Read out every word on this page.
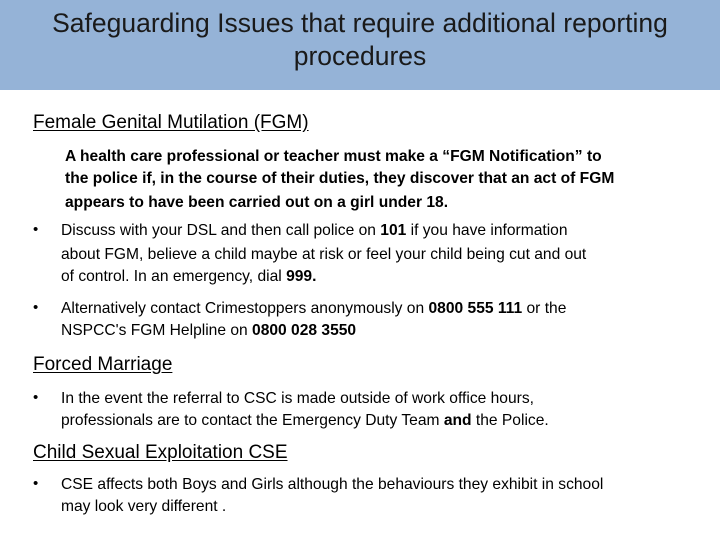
Safeguarding Issues that require additional reporting procedures
Female Genital Mutilation (FGM)
A health care professional or teacher must make a “FGM Notification” to
the police if, in the course of their duties, they discover that an act of FGM
appears to have been carried out on a girl under 18.
• Discuss with your DSL and then call police on 101 if you have information
about FGM, believe a child maybe at risk or feel your child being cut and out
of control. In an emergency, dial 999.
• Alternatively contact Crimestoppers anonymously on 0800 555 111 or the
NSPCC's FGM Helpline on 0800 028 3550
Forced Marriage
• In the event the referral to CSC is made outside of work office hours,
professionals are to contact the Emergency Duty Team and the Police.
Child Sexual Exploitation CSE
• CSE affects both Boys and Girls although the behaviours they exhibit in school
may look very different .
